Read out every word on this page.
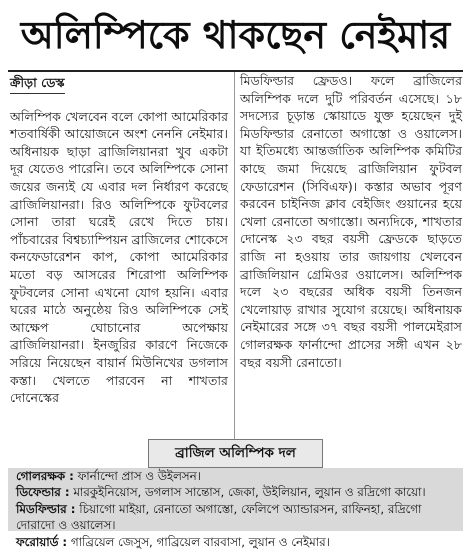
অলিম্পিকে থাকছেন নেইমার
ক্রীড়া ডেস্ক

অলিম্পিক খেলবেন বলে কোপা আমেরিকার শতবার্ষিকী আয়োজনে অংশ নেননি নেইমার। অধিনায়ক ছাড়া ব্রাজিলিয়ানরা খুব একটা দূর যেতেও পারেনি। তবে অলিম্পিকে সোনা জয়ের জন্যই যে এবার দল নির্ধারণ করেছে ব্রাজিলিয়ানরা। রিও অলিম্পিকে ফুটবলের সোনা তারা ঘরেই রেখে দিতে চায়। পাঁচবারের বিশ্বচ্যাম্পিয়ন ব্রাজিলের শোকেসে কনফেডারেশন কাপ, কোপা আমেরিকার মতো বড় আসরের শিরোপা অলিম্পিক ফুটবলের সোনা এখনো যোগ হয়নি। এবার ঘরের মাঠে অনুষ্ঠেয় রিও অলিম্পিকে সেই আক্ষেপ ঘোচানোর অপেক্ষায় ব্রাজিলিয়ানরা। ইনজুরির কারণে নিজেকে সরিয়ে নিয়েছেন বায়ার্ন মিউনিখের ডগলাস কস্তা। খেলতে পারবেন না শাখতার দোনেস্কের

মিডফিল্ডার ফ্রেডও। ফলে ব্রাজিলের অলিম্পিক দলে দুটি পরিবর্তন এসেছে। ১৮ সদস্যের চূড়ান্ত স্কোয়াডে যুক্ত হয়েছেন দুই মিডফিল্ডার রেনাতো অগাস্তো ও ওয়ালেস। যা ইতিমধ্যে আন্তর্জাতিক অলিম্পিক কমিটির কাছে জমা দিয়েছে ব্রাজিলিয়ান ফুটবল ফেডারেশন (সিবিএফ)। কস্তার অভাব পূরণ করবেন চাইনিজ ক্লাব বেইজিং গুয়ানের হয়ে খেলা রেনাতো অগাস্তো। অন্যদিকে, শাখতার দোনেস্ক ২৩ বছর বয়সী ফ্রেডকে ছাড়তে রাজি না হওয়ায় তার জায়গায় খেলবেন ব্রাজিলিয়ান গ্রেমিওর ওয়ালেস। অলিম্পিক দলে ২৩ বছরের অধিক বয়সী তিনজন খেলোয়াড় রাখার সুযোগ রয়েছে। অধিনায়ক নেইমারের সঙ্গে ৩৭ বছর বয়সী পালমেইরাস গোলরক্ষক ফার্নান্দো প্রাসের সঙ্গী এখন ২৮ বছর বয়সী রেনাতো।

ব্রাজিল অলিম্পিক দল
গোলরক্ষক : ফার্নান্দো প্রাস ও উইলসন।
ডিফেন্ডার : মারকুইনিয়োস, ডগলাস সান্তোস, জেকা, উইলিয়ান, লুয়ান ও রদ্রিগো কায়ো।
মিডফিল্ডার : চিয়াগো মাইয়া, রেনাতো অগাস্তো, ফেলিপে অ্যান্ডারসন, রাফিনহা, রদ্রিগো দোরাদো ও ওয়ালেস।
ফরোয়ার্ড : গাব্রিয়েল জেসুস, গাব্রিয়েল বারবাসা, লুয়ান ও নেইমার।
